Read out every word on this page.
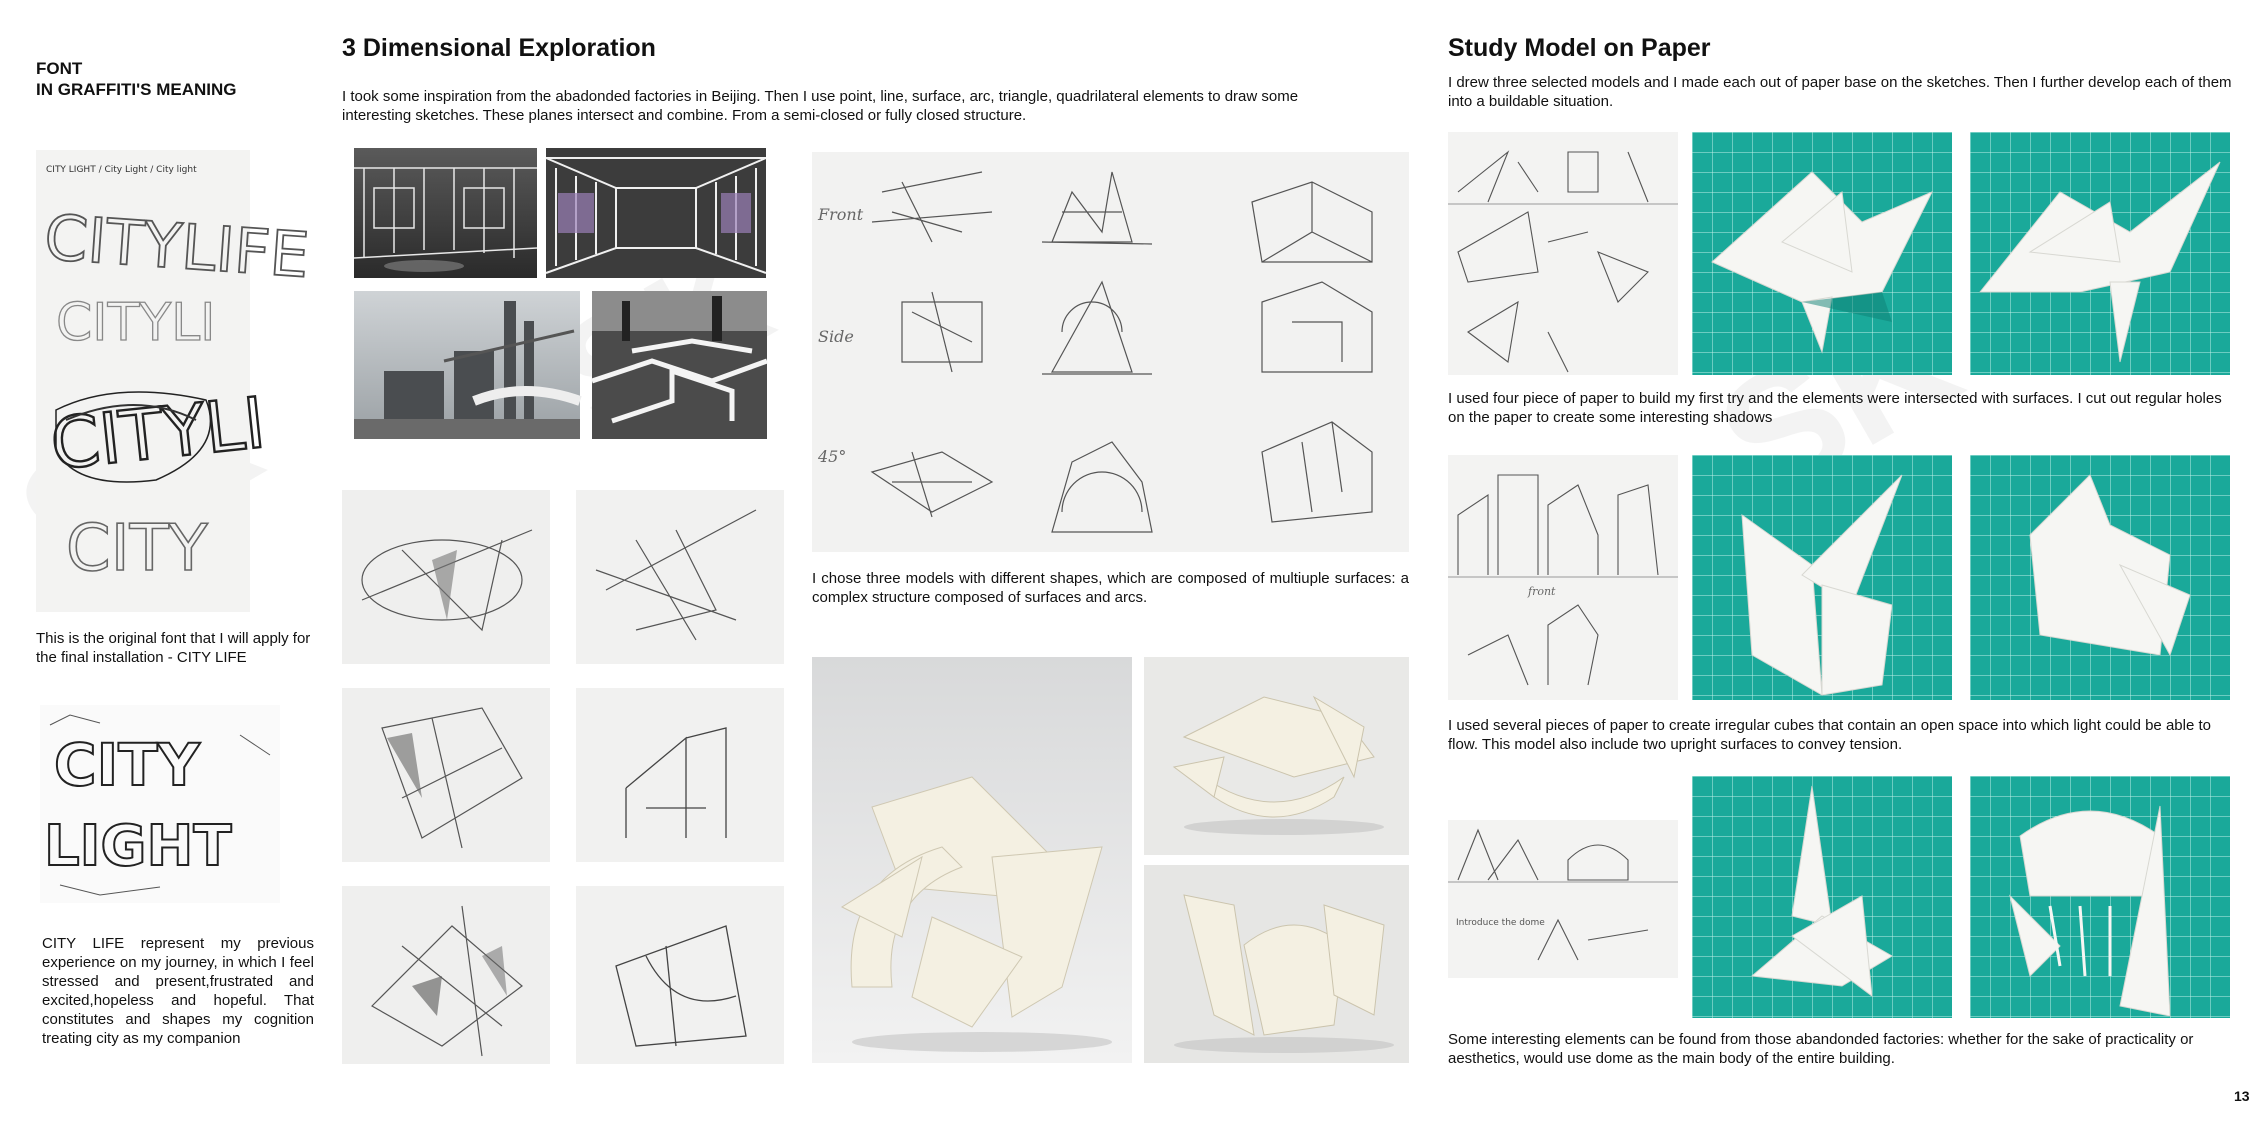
FONT
IN GRAFFITI'S MEANING
CITY LIGHT / City Light / City light
CITYLIFE
CITYLI
CITYLI
CITY
This is the original font that I will apply for the final installation - CITY LIFE
CITY
LIGHT
CITY LIFE represent my previous experience on my journey, in which I feel stressed and present,frustrated and excited,hopeless and hopeful. That constitutes and shapes my cognition treating city as my companion
3 Dimensional Exploration
I took some inspiration from the abadonded factories in Beijing. Then I use point, line, surface, arc, triangle, quadrilateral elements to draw some interesting sketches. These planes intersect and combine. From a semi-closed or fully closed structure.
Front
Side
45°
I chose three models with different shapes, which are composed of multiuple surfaces: a complex structure composed of surfaces and arcs.
Study Model on Paper
I drew three selected models and I made each out of paper base on the sketches. Then I further develop each of them into a buildable situation.
I used four piece of paper to build my first try and the elements were intersected with surfaces. I cut out regular holes on the paper to create some interesting shadows
front
I used several pieces of paper to create irregular cubes that contain an open space into which light could be able to flow. This model also include two upright surfaces to convey tension.
Introduce the dome
Some interesting elements can be found from those abandonded factories: whether for the sake of practicality or aesthetics, would use dome as the main body of the entire building.
13
